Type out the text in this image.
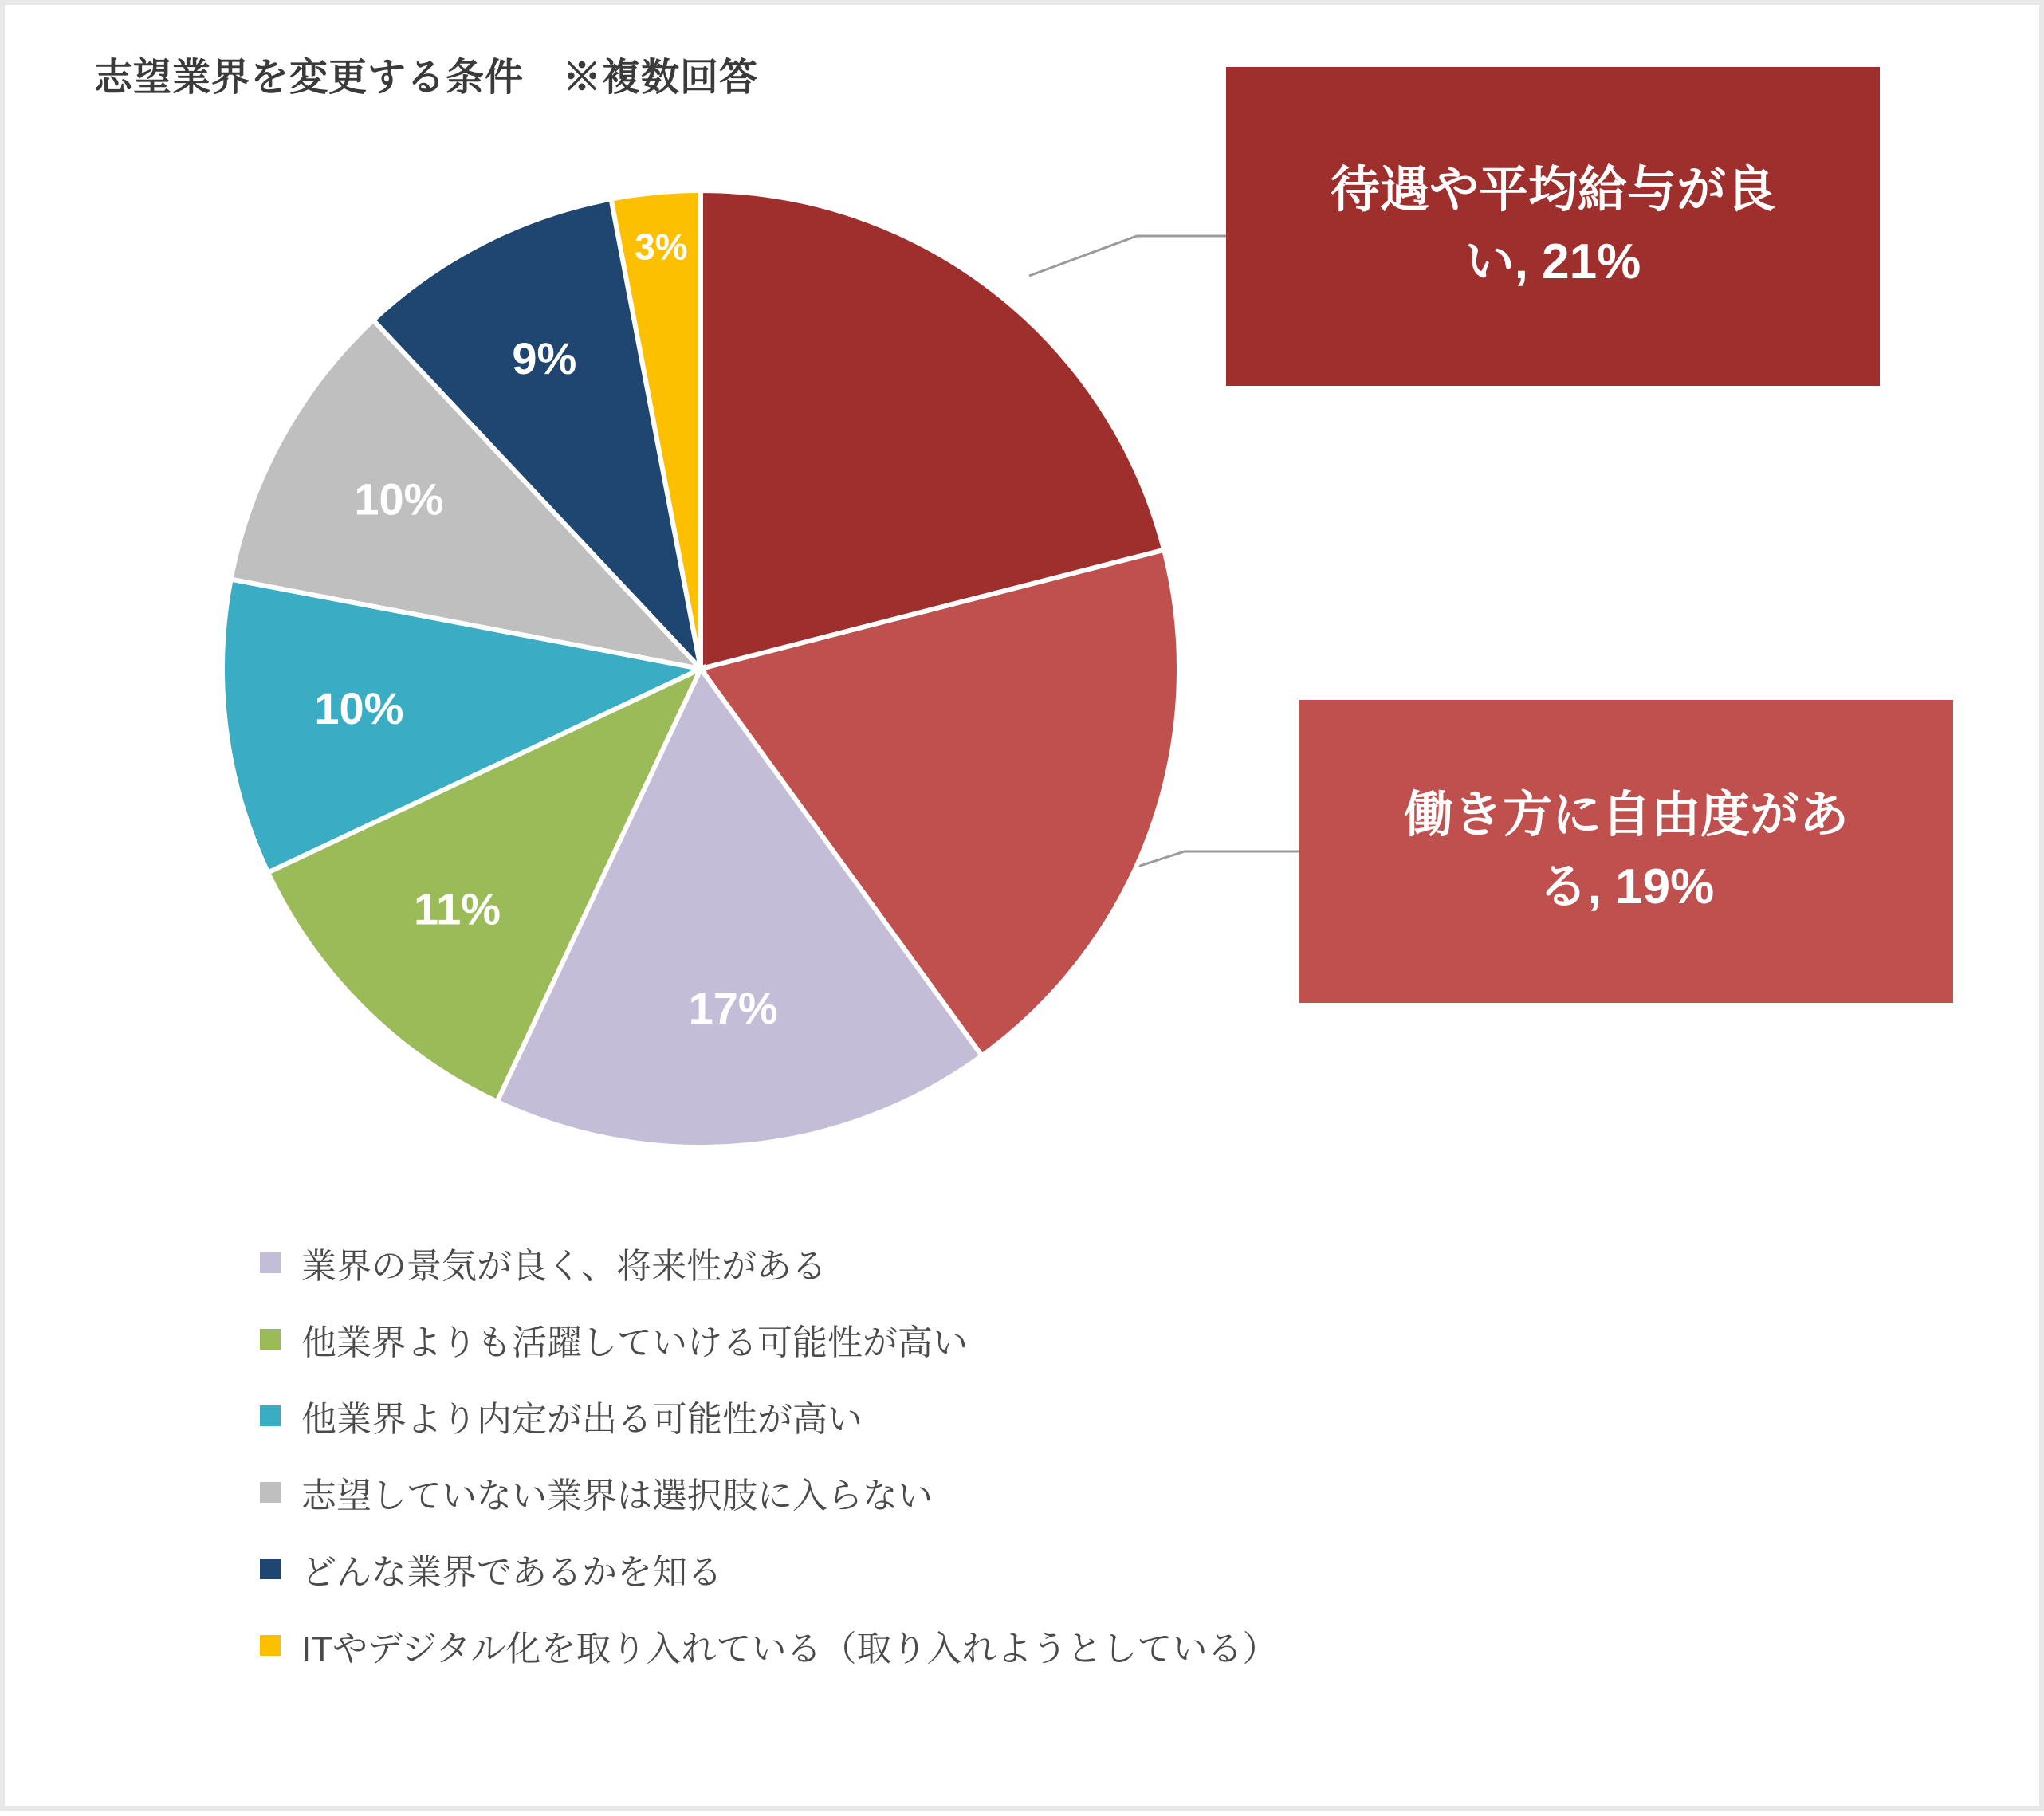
志望業界を変更する条件　※複数回答
17%
11%
10%
10%
9%
3%
待遇や平均給与が良
い, 21%
働き方に自由度があ
る, 19%
業界の景気が良く、将来性がある
他業界よりも活躍していける可能性が高い
他業界より内定が出る可能性が高い
志望していない業界は選択肢に入らない
どんな業界であるかを知る
ITやデジタル化を取り入れている（取り入れようとしている）
